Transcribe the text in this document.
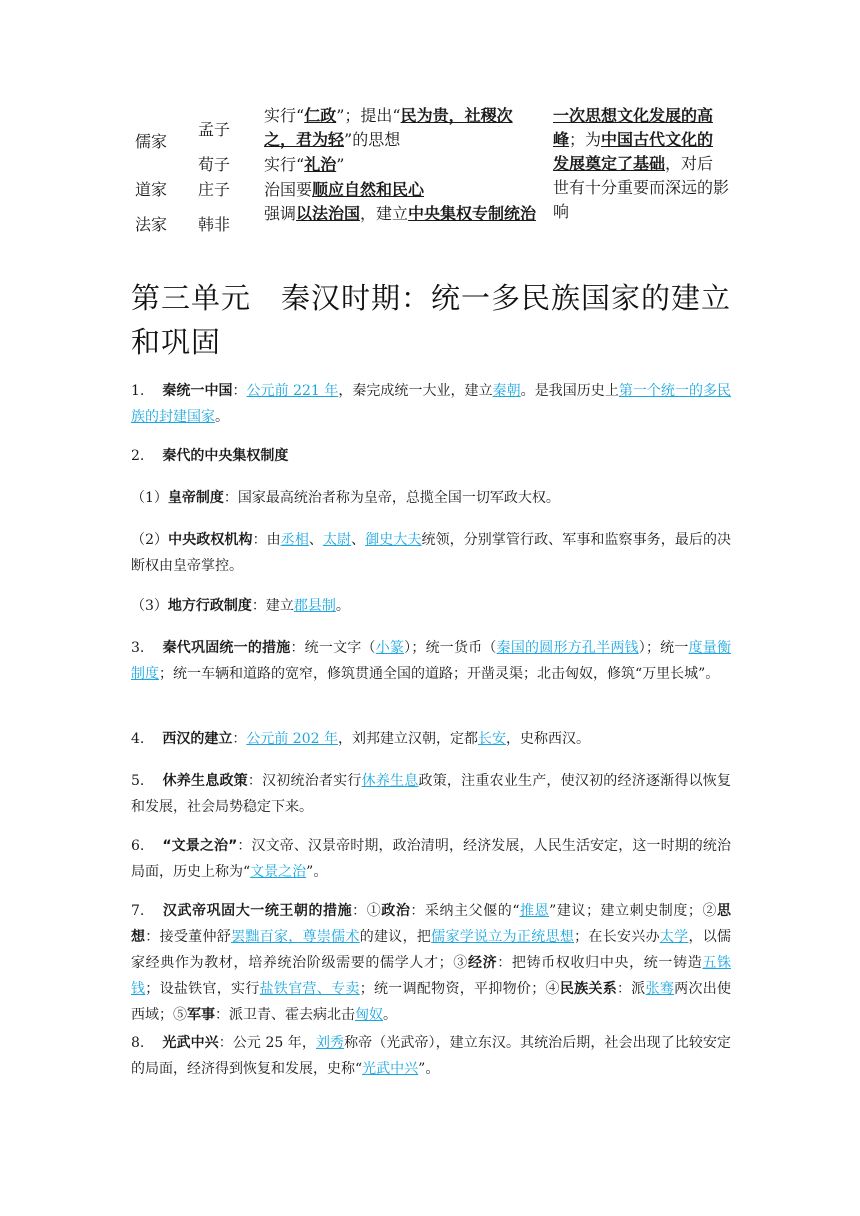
儒家
孟子
实行“仁政”；提出“民为贵，社稷次之，君为轻”的思想
荀子 实行“礼治”
道家 庄子 治国要顺应自然和民心
法家 韩非
强调以法治国，建立中央集权专制统治
一次思想文化发展的高峰；为中国古代文化的发展奠定了基础，对后世有十分重要而深远的影响
第三单元　秦汉时期：统一多民族国家的建立和巩固
1. 秦统一中国：公元前 221 年，秦完成统一大业，建立秦朝。是我国历史上第一个统一的多民族的封建国家。
2. 秦代的中央集权制度
（1）皇帝制度：国家最高统治者称为皇帝，总揽全国一切军政大权。
（2）中央政权机构：由丞相、太尉、御史大夫统领，分别掌管行政、军事和监察事务，最后的决断权由皇帝掌控。
（3）地方行政制度：建立郡县制。
3. 秦代巩固统一的措施：统一文字（小篆）；统一货币（秦国的圆形方孔半两钱）；统一度量衡制度；统一车辆和道路的宽窄，修筑贯通全国的道路；开凿灵渠；北击匈奴，修筑“万里长城”。
4. 西汉的建立：公元前 202 年，刘邦建立汉朝，定都长安，史称西汉。
5. 休养生息政策：汉初统治者实行休养生息政策，注重农业生产，使汉初的经济逐渐得以恢复和发展，社会局势稳定下来。
6. “文景之治”：汉文帝、汉景帝时期，政治清明，经济发展，人民生活安定，这一时期的统治局面，历史上称为“文景之治”。
7. 汉武帝巩固大一统王朝的措施：①政治：采纳主父偃的“推恩”建议；建立刺史制度；②思想：接受董仲舒罢黜百家，尊崇儒术的建议，把儒家学说立为正统思想；在长安兴办太学，以儒家经典作为教材，培养统治阶级需要的儒学人才；③经济：把铸币权收归中央，统一铸造五铢钱；设盐铁官，实行盐铁官营、专卖；统一调配物资，平抑物价；④民族关系：派张骞两次出使西域；⑤军事：派卫青、霍去病北击匈奴。
8. 光武中兴：公元 25 年，刘秀称帝（光武帝），建立东汉。其统治后期，社会出现了比较安定的局面，经济得到恢复和发展，史称“光武中兴”。
